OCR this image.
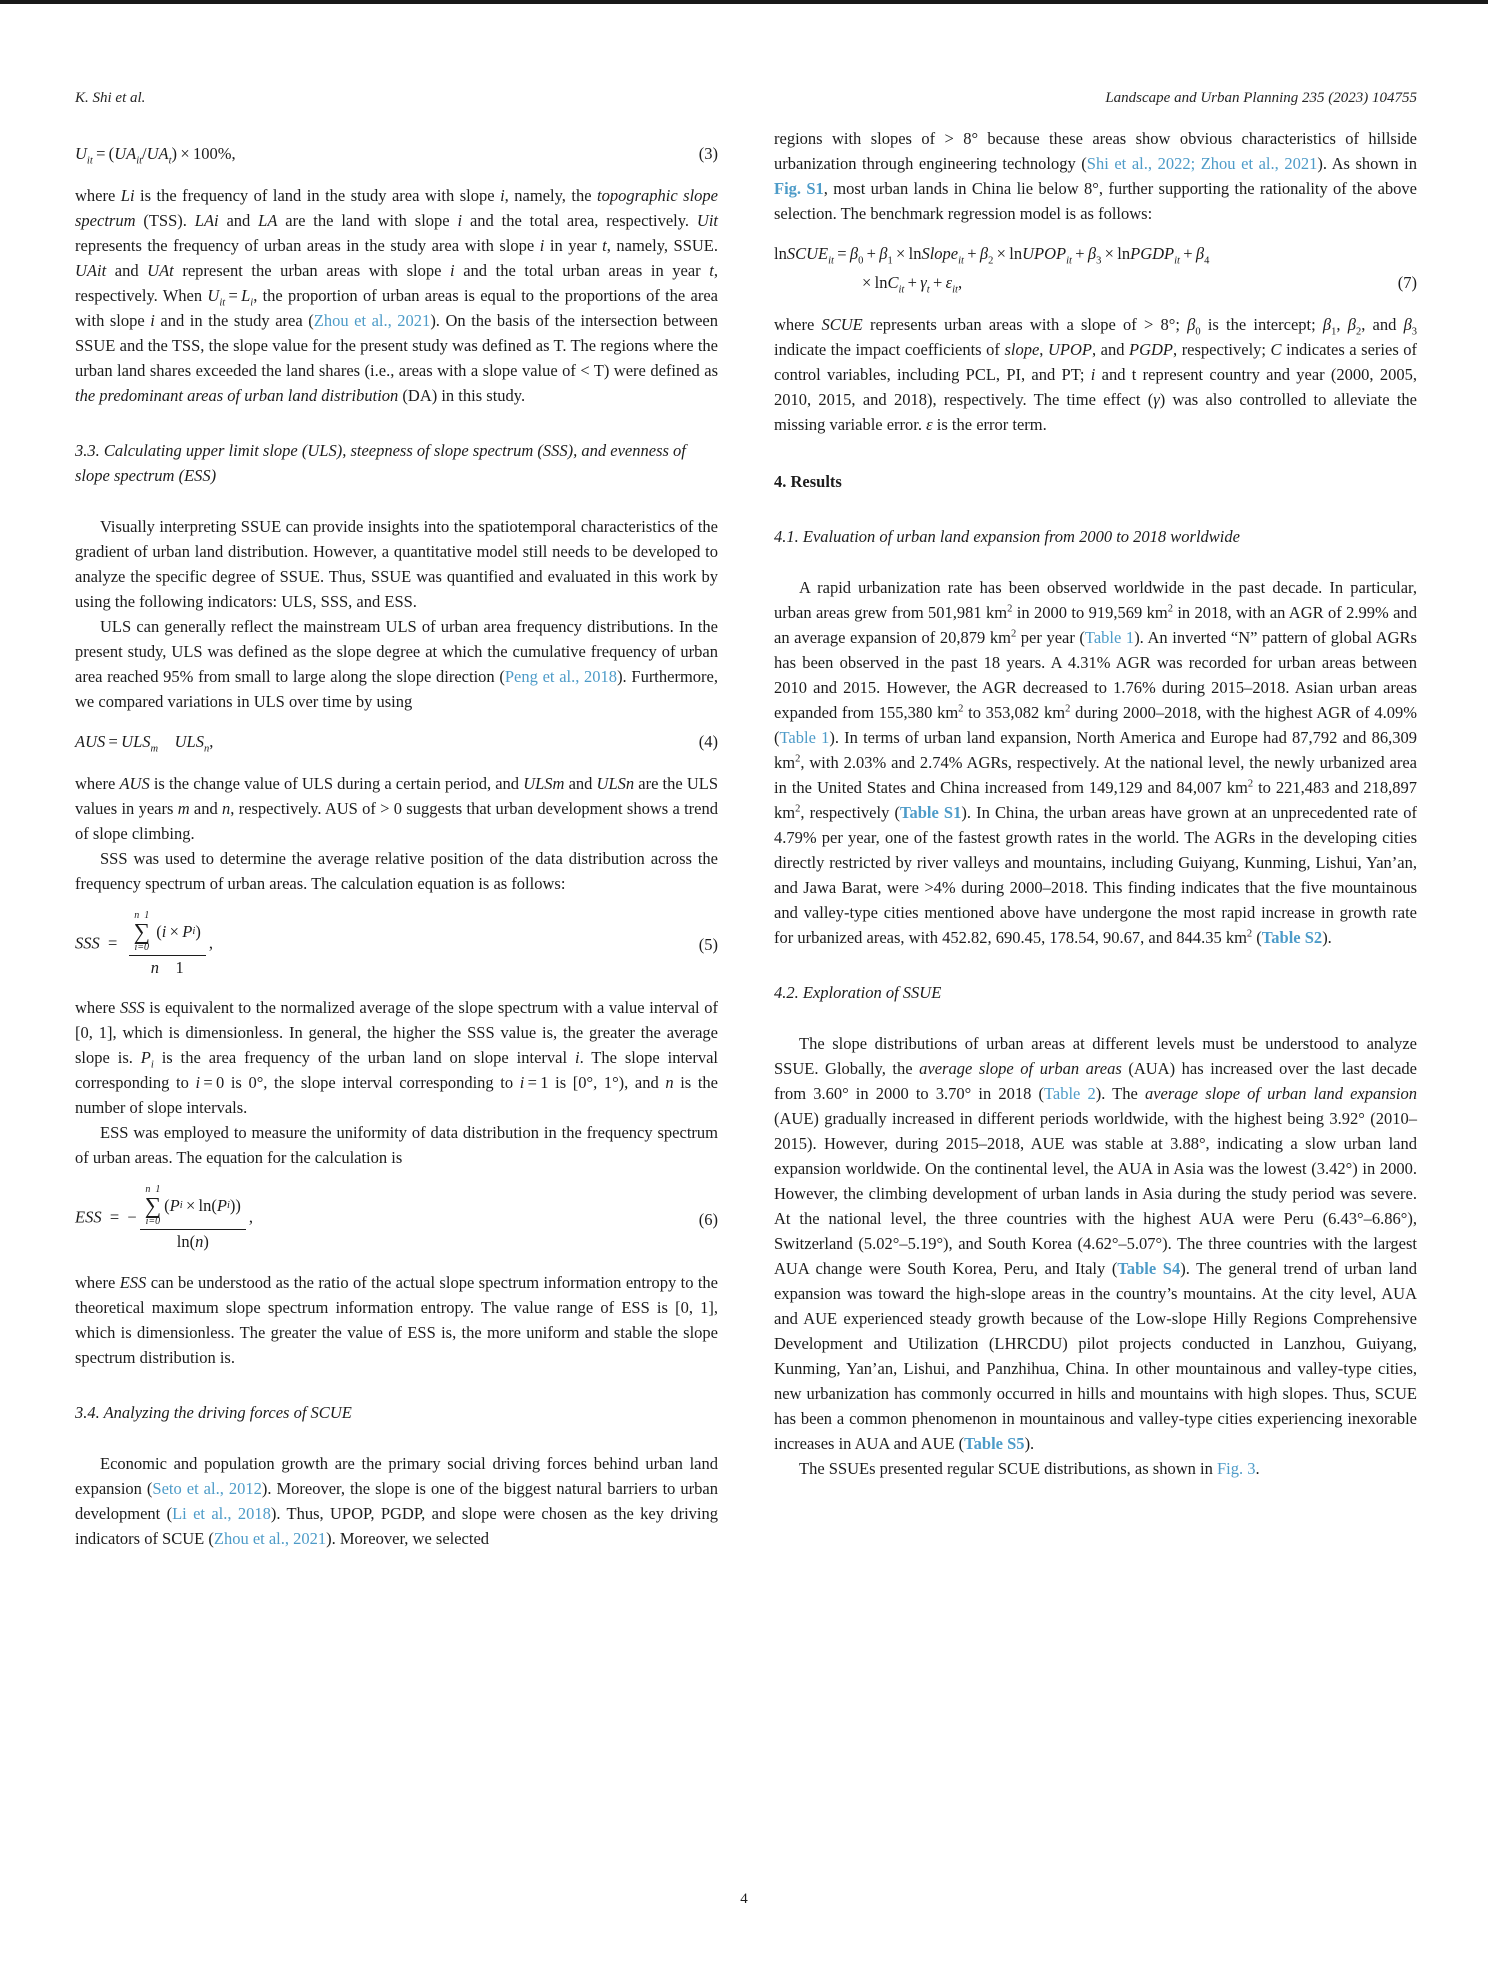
K. Shi et al.	Landscape and Urban Planning 235 (2023) 104755
$U_{it} = (UA_{it}/UA_t) \times 100\%$,	(3)

where Li is the frequency of land in the study area with slope i, namely, the topographic slope spectrum (TSS). LAi and LA are the land with slope i and the total area, respectively. Uit represents the frequency of urban areas in the study area with slope i in year t, namely, SSUE. UAit and UAt represent the urban areas with slope i and the total urban areas in year t, respectively. When $U_{it} = L_i$, the proportion of urban areas is equal to the proportions of the area with slope i and in the study area (Zhou et al., 2021). On the basis of the intersection between SSUE and the TSS, the slope value for the present study was defined as T. The regions where the urban land shares exceeded the land shares (i.e., areas with a slope value of < T) were defined as the predominant areas of urban land distribution (DA) in this study.

3.3. Calculating upper limit slope (ULS), steepness of slope spectrum (SSS), and evenness of slope spectrum (ESS)

Visually interpreting SSUE can provide insights into the spatiotemporal characteristics of the gradient of urban land distribution. However, a quantitative model still needs to be developed to analyze the specific degree of SSUE. Thus, SSUE was quantified and evaluated in this work by using the following indicators: ULS, SSS, and ESS.

ULS can generally reflect the mainstream ULS of urban area frequency distributions. In the present study, ULS was defined as the slope degree at which the cumulative frequency of urban area reached 95% from small to large along the slope direction (Peng et al., 2018). Furthermore, we compared variations in ULS over time by using

AUS = $ULS_m$   $ULS_n$,	(4)

where AUS is the change value of ULS during a certain period, and ULSm and ULSn are the ULS values in years m and n, respectively. AUS of > 0 suggests that urban development shows a trend of slope climbing.

SSS was used to determine the average relative position of the data distribution across the frequency spectrum of urban areas. The calculation equation is as follows:

SSS =  n 1
∑
i=0
 ( i  ×  P i )
n  1 ,	(5)

where SSS is equivalent to the normalized average of the slope spectrum with a value interval of [0, 1], which is dimensionless. In general, the higher the SSS value is, the greater the average slope is. $P_i$ is the area frequency of the urban land on slope interval i. The slope interval corresponding to i = 0 is 0°, the slope interval corresponding to i = 1 is [0°, 1°), and n is the number of slope intervals.

ESS was employed to measure the uniformity of data distribution in the frequency spectrum of urban areas. The equation for the calculation is

ESS = − n 1
∑
i=0
( P i  × ln( P i ))
ln(n) ,	(6)

where ESS can be understood as the ratio of the actual slope spectrum information entropy to the theoretical maximum slope spectrum information entropy. The value range of ESS is [0, 1], which is dimensionless. The greater the value of ESS is, the more uniform and stable the slope spectrum distribution is.

3.4. Analyzing the driving forces of SCUE

Economic and population growth are the primary social driving forces behind urban land expansion (Seto et al., 2012). Moreover, the slope is one of the biggest natural barriers to urban development (Li et al., 2018). Thus, UPOP, PGDP, and slope were chosen as the key driving indicators of SCUE (Zhou et al., 2021). Moreover, we selected

regions with slopes of > 8° because these areas show obvious characteristics of hillside urbanization through engineering technology (Shi et al., 2022; Zhou et al., 2021). As shown in Fig. S1, most urban lands in China lie below 8°, further supporting the rationality of the above selection. The benchmark regression model is as follows:

lnSCUE$_{it}$ = $\beta_0 + \beta_1$ × lnSlope$_{it}$ + $\beta_2$ × lnUPOP$_{it}$ + $\beta_3$ × lnPGDP$_{it}$ + $\beta_4$
× $\ln C_{it} + \gamma_t + \varepsilon_{it}$,	(7)

where SCUE represents urban areas with a slope of > 8°; $\beta_0$ is the intercept; $\beta_1$, $\beta_2$, and $\beta_3$ indicate the impact coefficients of slope, UPOP, and PGDP, respectively; C indicates a series of control variables, including PCL, PI, and PT; i and t represent country and year (2000, 2005, 2010, 2015, and 2018), respectively. The time effect (γ) was also controlled to alleviate the missing variable error. ε is the error term.

4. Results
4.1. Evaluation of urban land expansion from 2000 to 2018 worldwide

A rapid urbanization rate has been observed worldwide in the past decade. In particular, urban areas grew from 501,981 $km^2$ in 2000 to 919,569 $km^2$ in 2018, with an AGR of 2.99% and an average expansion of 20,879 $km^2$ per year (Table 1). An inverted “N” pattern of global AGRs has been observed in the past 18 years. A 4.31% AGR was recorded for urban areas between 2010 and 2015. However, the AGR decreased to 1.76% during 2015–2018. Asian urban areas expanded from 155,380 $km^2$ to 353,082 $km^2$ during 2000–2018, with the highest AGR of 4.09% (Table 1). In terms of urban land expansion, North America and Europe had 87,792 and 86,309 $km^2$, with 2.03% and 2.74% AGRs, respectively. At the national level, the newly urbanized area in the United States and China increased from 149,129 and 84,007 $km^2$ to 221,483 and 218,897 $km^2$, respectively (Table S1). In China, the urban areas have grown at an unprecedented rate of 4.79% per year, one of the fastest growth rates in the world. The AGRs in the developing cities directly restricted by river valleys and mountains, including Guiyang, Kunming, Lishui, Yan’an, and Jawa Barat, were >4% during 2000–2018. This finding indicates that the five mountainous and valley-type cities mentioned above have undergone the most rapid increase in growth rate for urbanized areas, with 452.82, 690.45, 178.54, 90.67, and 844.35 $km^2$ (Table S2).

4.2. Exploration of SSUE

The slope distributions of urban areas at different levels must be understood to analyze SSUE. Globally, the average slope of urban areas (AUA) has increased over the last decade from 3.60° in 2000 to 3.70° in 2018 (Table 2). The average slope of urban land expansion (AUE) gradually increased in different periods worldwide, with the highest being 3.92° (2010–2015). However, during 2015–2018, AUE was stable at 3.88°, indicating a slow urban land expansion worldwide. On the continental level, the AUA in Asia was the lowest (3.42°) in 2000. However, the climbing development of urban lands in Asia during the study period was severe. At the national level, the three countries with the highest AUA were Peru (6.43°–6.86°), Switzerland (5.02°–5.19°), and South Korea (4.62°–5.07°). The three countries with the largest AUA change were South Korea, Peru, and Italy (Table S4). The general trend of urban land expansion was toward the high-slope areas in the country’s mountains. At the city level, AUA and AUE experienced steady growth because of the Low-slope Hilly Regions Comprehensive Development and Utilization (LHRCDU) pilot projects conducted in Lanzhou, Guiyang, Kunming, Yan’an, Lishui, and Panzhihua, China. In other mountainous and valley-type cities, new urbanization has commonly occurred in hills and mountains with high slopes. Thus, SCUE has been a common phenomenon in mountainous and valley-type cities experiencing inexorable increases in AUA and AUE (Table S5).

The SSUEs presented regular SCUE distributions, as shown in Fig. 3.

4
